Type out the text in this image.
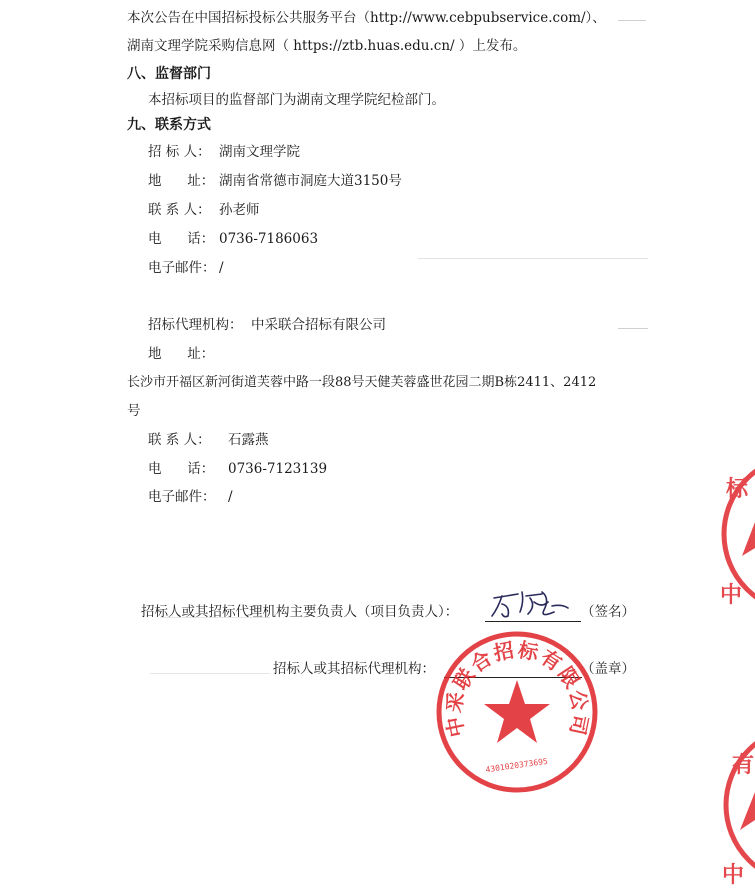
本次公告在中国招标投标公共服务平台（http://www.cebpubservice.com/）、
湖南文理学院采购信息网（ https://ztb.huas.edu.cn/ ）上发布。
八、监督部门
本招标项目的监督部门为湖南文理学院纪检部门。
九、联系方式
招 标 人： 湖南文理学院
地      址： 湖南省常德市洞庭大道3150号
联 系 人： 孙老师
电      话： 0736-7186063
电子邮件： /
招标代理机构： 中采联合招标有限公司
地      址：
长沙市开福区新河街道芙蓉中路一段88号天健芙蓉盛世花园二期B栋2411、2412
号
联 系 人： 石露燕
电      话： 0736-7123139
电子邮件： /
招标人或其招标代理机构主要负责人（项目负责人）：	（签名）
招标人或其招标代理机构：	（盖章）
中采联合招标有限公司
4301020373695
标
中
有
中
